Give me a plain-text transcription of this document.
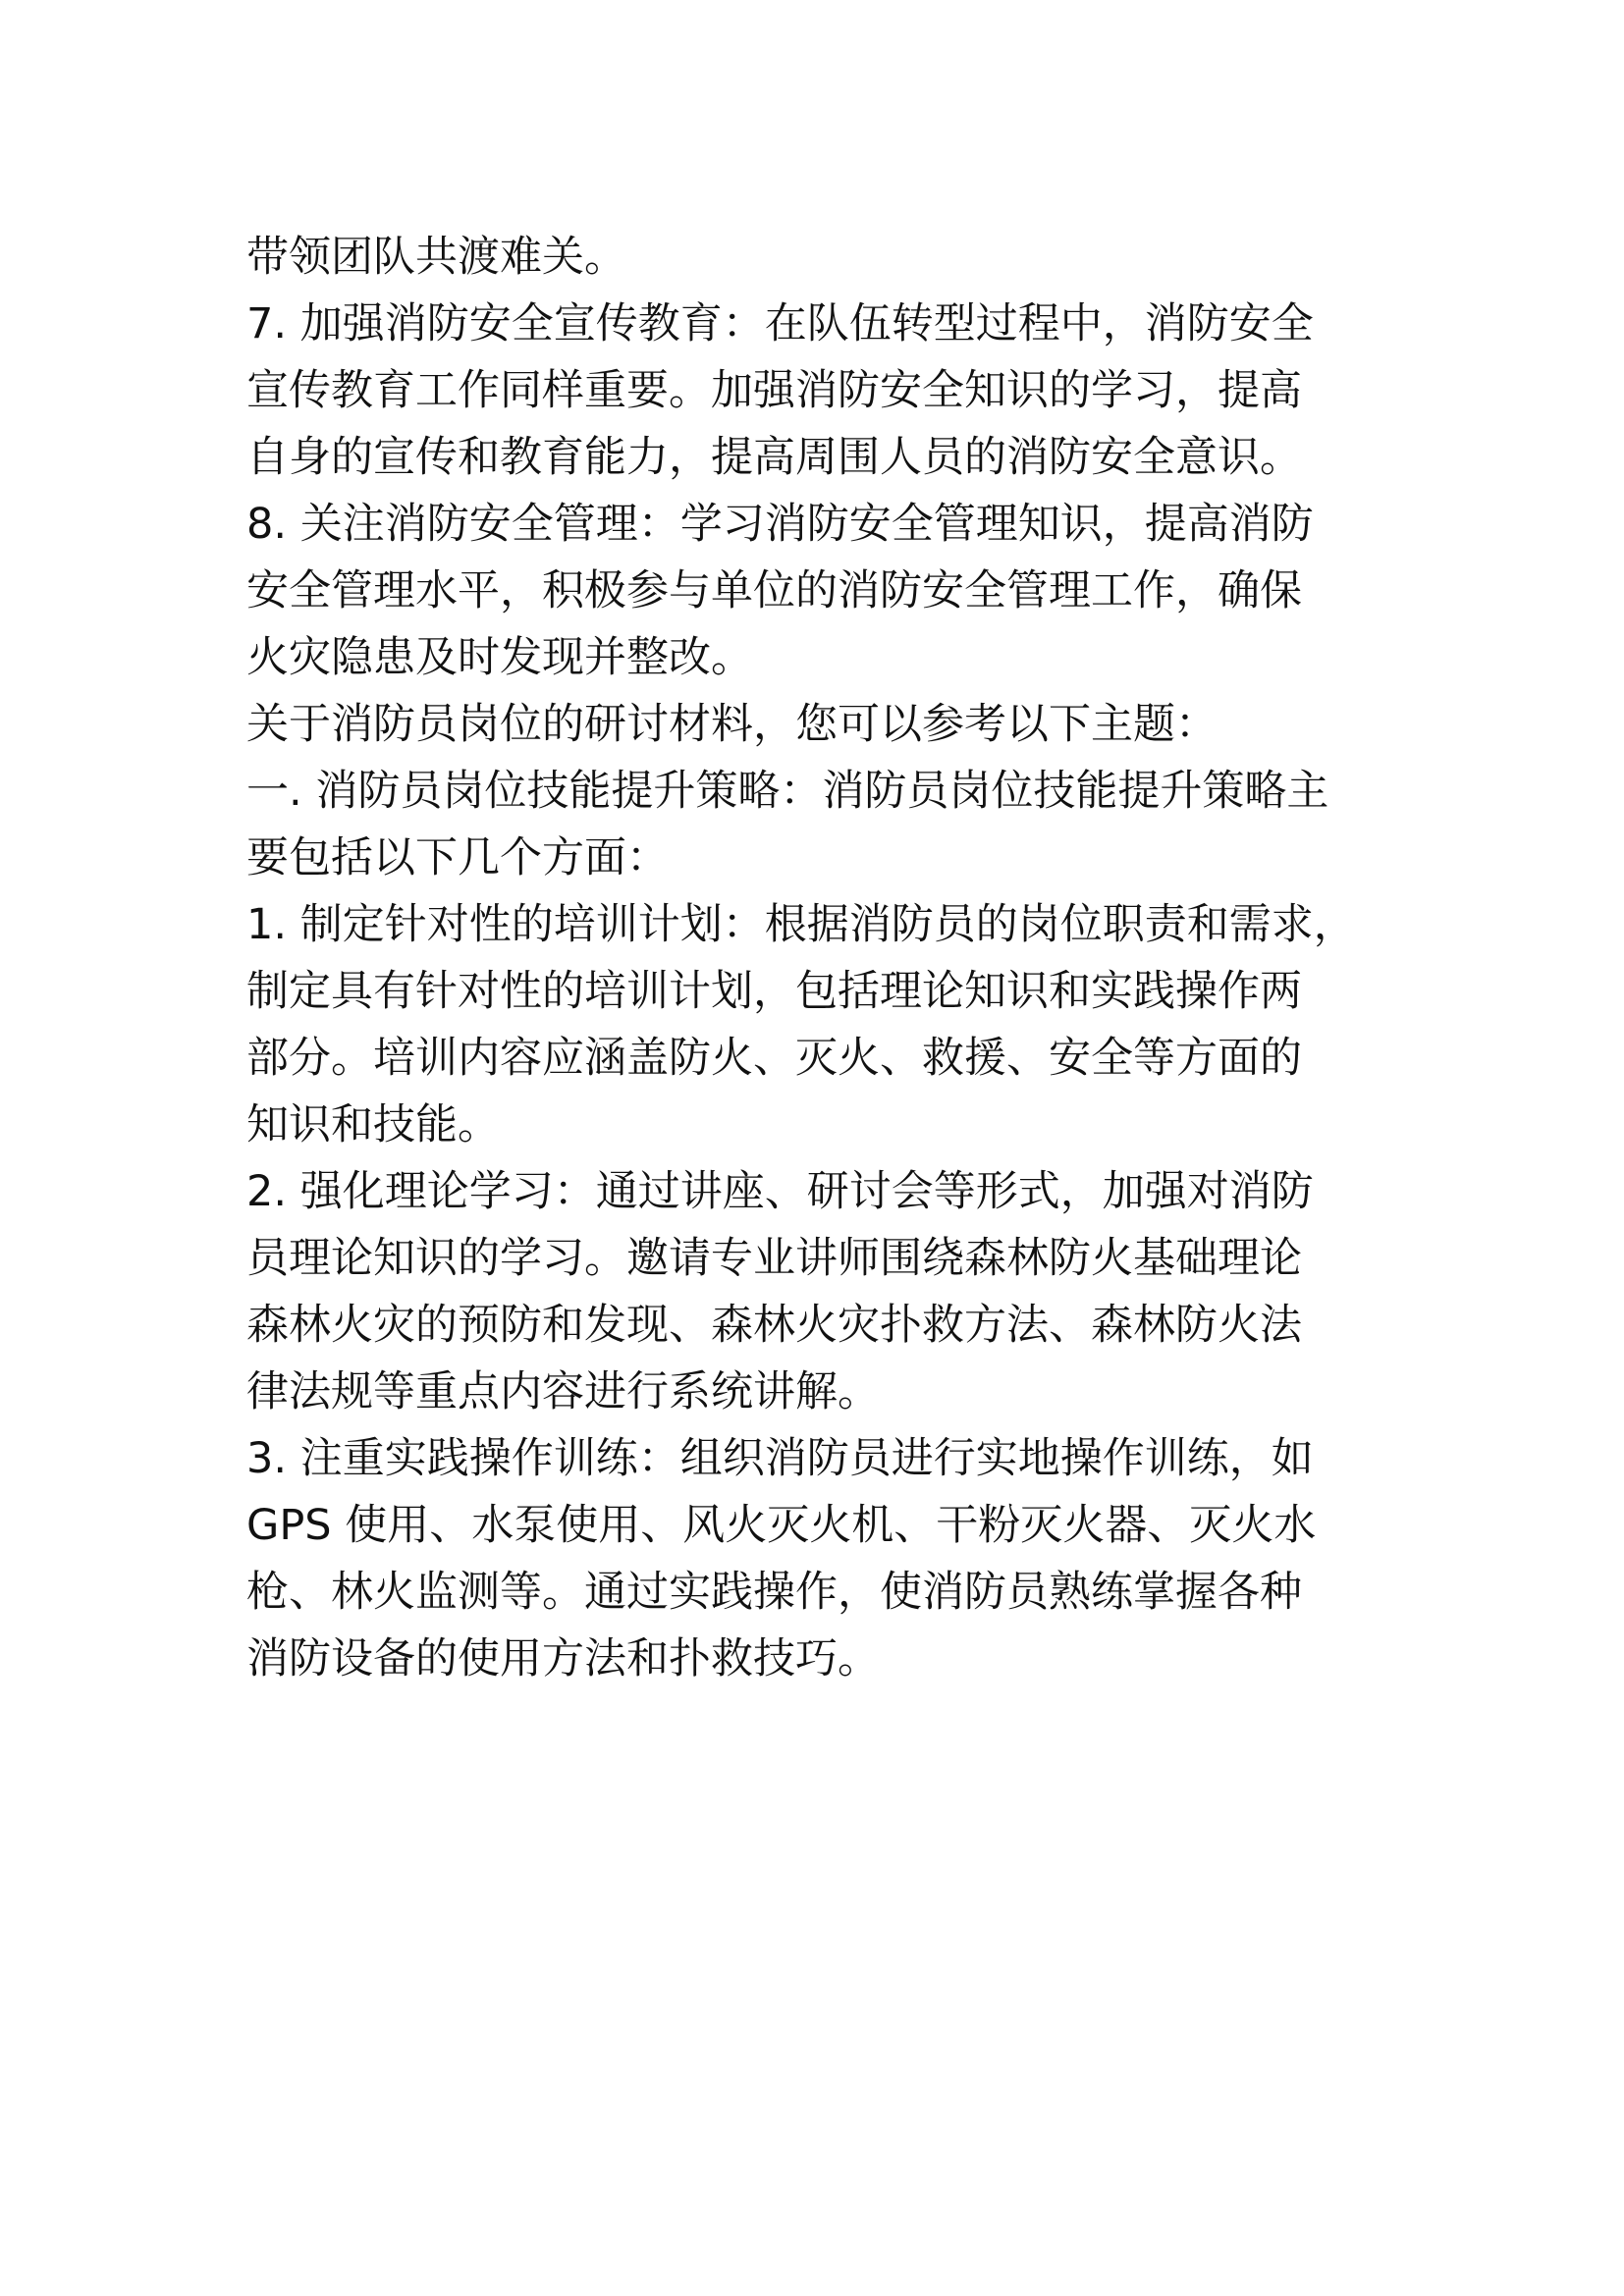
带领团队共渡难关。
7. 加强消防安全宣传教育：在队伍转型过程中，消防安全
宣传教育工作同样重要。加强消防安全知识的学习，提高
自身的宣传和教育能力，提高周围人员的消防安全意识。
8. 关注消防安全管理：学习消防安全管理知识，提高消防
安全管理水平，积极参与单位的消防安全管理工作，确保
火灾隐患及时发现并整改。
关于消防员岗位的研讨材料，您可以参考以下主题：
一. 消防员岗位技能提升策略：消防员岗位技能提升策略主
要包括以下几个方面：
1. 制定针对性的培训计划：根据消防员的岗位职责和需求，
制定具有针对性的培训计划，包括理论知识和实践操作两
部分。培训内容应涵盖防火、灭火、救援、安全等方面的
知识和技能。
2. 强化理论学习：通过讲座、研讨会等形式，加强对消防
员理论知识的学习。邀请专业讲师围绕森林防火基础理论
森林火灾的预防和发现、森林火灾扑救方法、森林防火法
律法规等重点内容进行系统讲解。
3. 注重实践操作训练：组织消防员进行实地操作训练，如
GPS 使用、水泵使用、风火灭火机、干粉灭火器、灭火水
枪、林火监测等。通过实践操作，使消防员熟练掌握各种
消防设备的使用方法和扑救技巧。
